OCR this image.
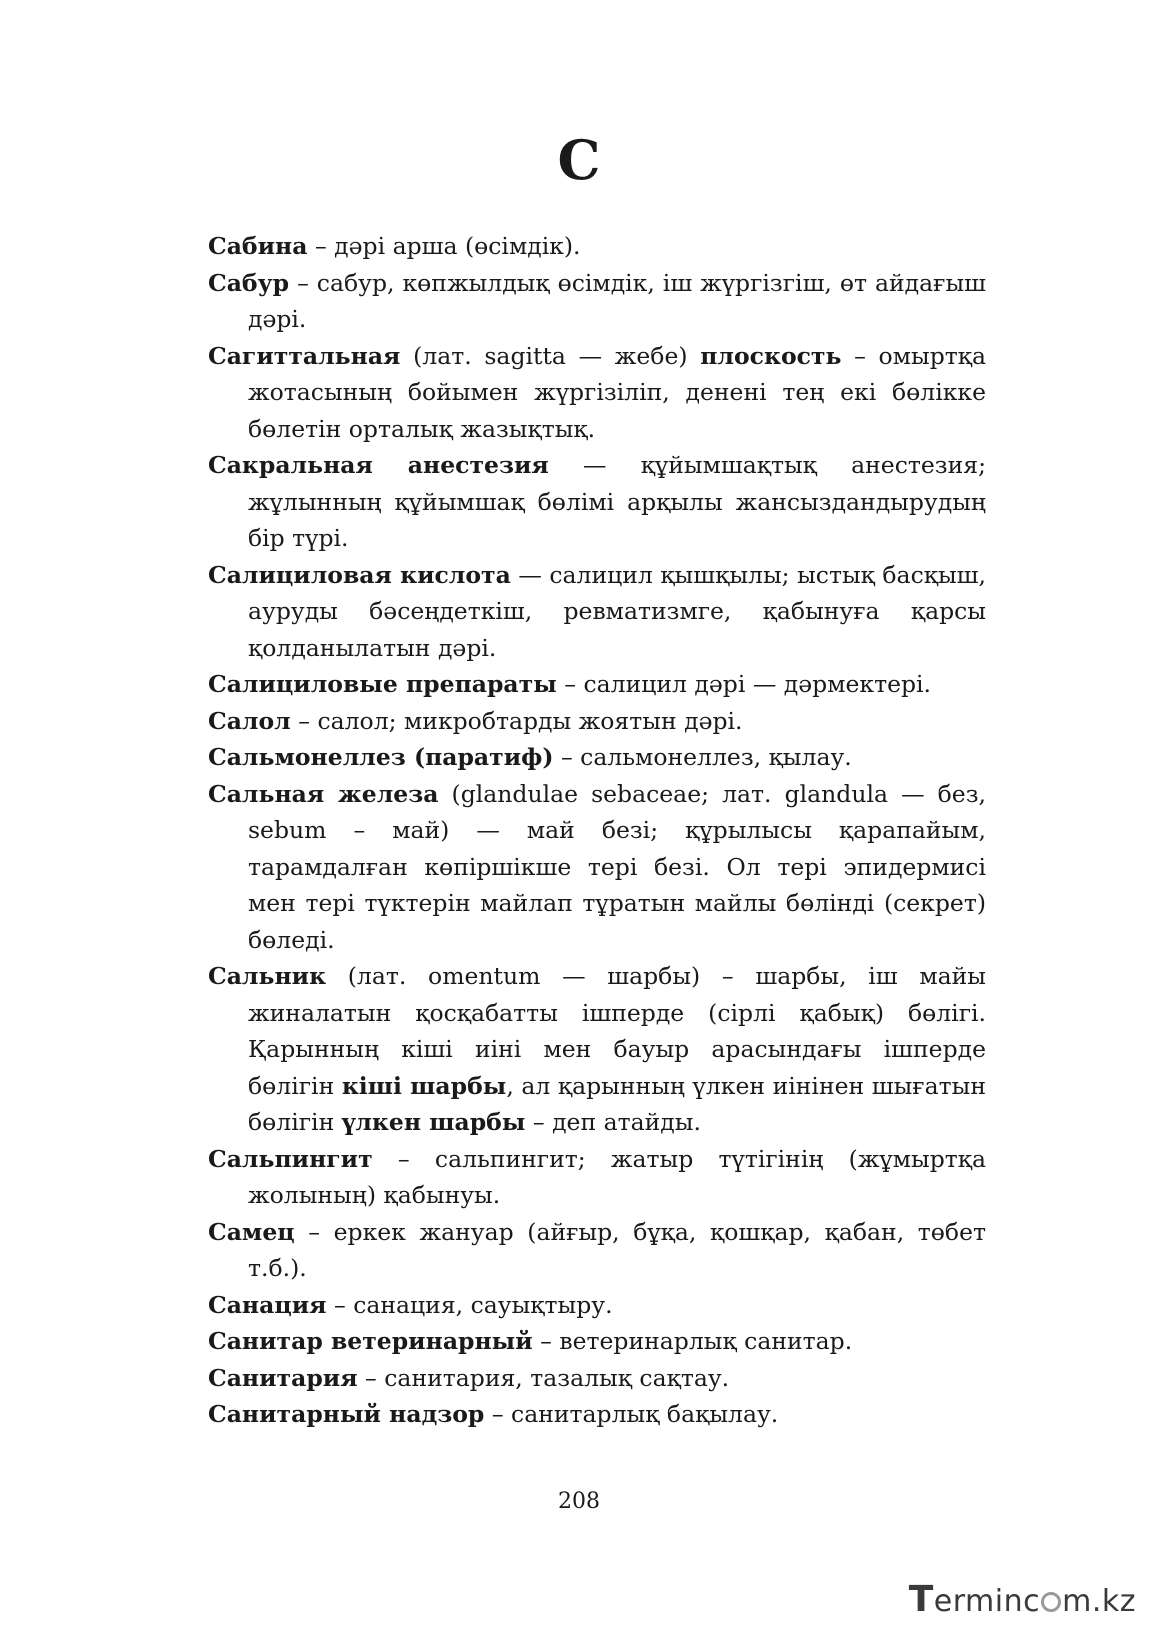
С

Сабина – дәрі арша (өсімдік).

Сабур – сабур, көпжылдық өсімдік, іш жүргізгіш, өт айдағыш дәрі.

Сагиттальная (лат. sagitta — жебе) плоскость – омыртқа жотасының бойымен жүргізіліп, денені тең екі бөлікке бөлетін орталық жазықтық.

Сакральная анестезия — құйымшақтық анестезия; жұлынның құйымшақ бөлімі арқылы жансыздандырудың бір түрі.

Салициловая кислота — салицил қышқылы; ыстық басқыш, ауруды бәсеңдеткіш, ревматизмге, қабынуға қарсы қолданылатын дәрі.

Салициловые препараты – салицил дәрі — дәрмектері.

Салол – салол; микробтарды жоятын дәрі.

Сальмонеллез (паратиф) – сальмонеллез, қылау.

Сальная железа (glandulae sebaceae; лат. glandula — без, sebum – май) — май безі; құрылысы қарапайым, тарамдалған көпіршікше тері безі. Ол тері эпидермисі мен тері түктерін майлап тұратын майлы бөлінді (секрет) бөледі.

Сальник (лат. omentum — шарбы) – шарбы, іш майы жиналатын қосқабатты ішперде (сірлі қабық) бөлігі. Қарынның кіші иіні мен бауыр арасындағы ішперде бөлігін кіші шарбы, ал қарынның үлкен иінінен шығатын бөлігін үлкен шарбы – деп атайды.

Сальпингит – сальпингит; жатыр түтігінің (жұмыртқа жолының) қабынуы.

Самец – еркек жануар (айғыр, бұқа, қошқар, қабан, төбет т.б.).

Санация – санация, сауықтыру.

Санитар ветеринарный – ветеринарлық санитар.

Санитария – санитария, тазалық сақтау.

Санитарный надзор – санитарлық бақылау.

208
Terminc m.kz
